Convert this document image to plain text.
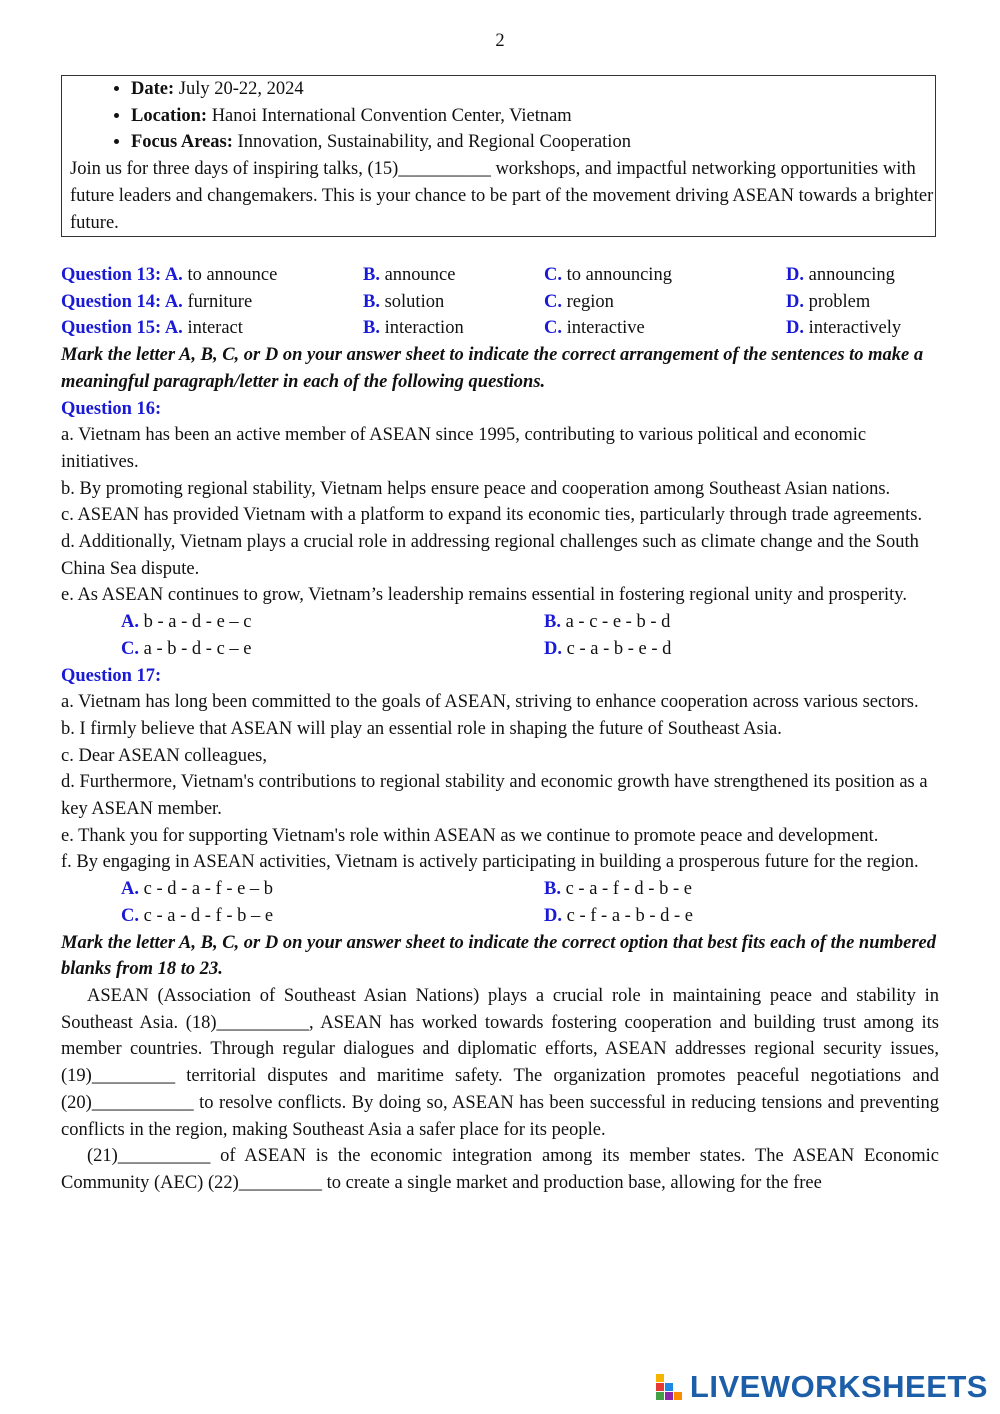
2
• Date: July 20-22, 2024
• Location: Hanoi International Convention Center, Vietnam
• Focus Areas: Innovation, Sustainability, and Regional Cooperation

Join us for three days of inspiring talks, (15)__________ workshops, and impactful networking opportunities with future leaders and changemakers. This is your chance to be part of the movement driving ASEAN towards a brighter future.

Question 13: A. to announce	B. announce	C. to announcing	D. announcing
Question 14: A. furniture	B. solution	C. region	D. problem
Question 15: A. interact	B. interaction	C. interactive	D. interactively

Mark the letter A, B, C, or D on your answer sheet to indicate the correct arrangement of the sentences to make a meaningful paragraph/letter in each of the following questions.

Question 16:

a. Vietnam has been an active member of ASEAN since 1995, contributing to various political and economic initiatives.

b. By promoting regional stability, Vietnam helps ensure peace and cooperation among Southeast Asian nations.

c. ASEAN has provided Vietnam with a platform to expand its economic ties, particularly through trade agreements.

d. Additionally, Vietnam plays a crucial role in addressing regional challenges such as climate change and the South China Sea dispute.

e. As ASEAN continues to grow, Vietnam’s leadership remains essential in fostering regional unity and prosperity.

A. b - a - d - e – c	B. a - c - e - b - d
C. a - b - d - c – e	D. c - a - b - e - d

Question 17:

a. Vietnam has long been committed to the goals of ASEAN, striving to enhance cooperation across various sectors.

b. I firmly believe that ASEAN will play an essential role in shaping the future of Southeast Asia.

c. Dear ASEAN colleagues,

d. Furthermore, Vietnam's contributions to regional stability and economic growth have strengthened its position as a key ASEAN member.

e. Thank you for supporting Vietnam's role within ASEAN as we continue to promote peace and development.

f. By engaging in ASEAN activities, Vietnam is actively participating in building a prosperous future for the region.

A. c - d - a - f - e – b	B. c - a - f - d - b - e
C. c - a - d - f - b – e	D. c - f - a - b - d - e

Mark the letter A, B, C, or D on your answer sheet to indicate the correct option that best fits each of the numbered blanks from 18 to 23.

ASEAN (Association of Southeast Asian Nations) plays a crucial role in maintaining peace and stability in Southeast Asia. (18)__________, ASEAN has worked towards fostering cooperation and building trust among its member countries. Through regular dialogues and diplomatic efforts, ASEAN addresses regional security issues, (19)_________ territorial disputes and maritime safety. The organization promotes peaceful negotiations and (20)___________ to resolve conflicts. By doing so, ASEAN has been successful in reducing tensions and preventing conflicts in the region, making Southeast Asia a safer place for its people.

(21)__________ of ASEAN is the economic integration among its member states. The ASEAN Economic Community (AEC) (22)_________ to create a single market and production base, allowing for the free

LIVEWORKSHEETS
